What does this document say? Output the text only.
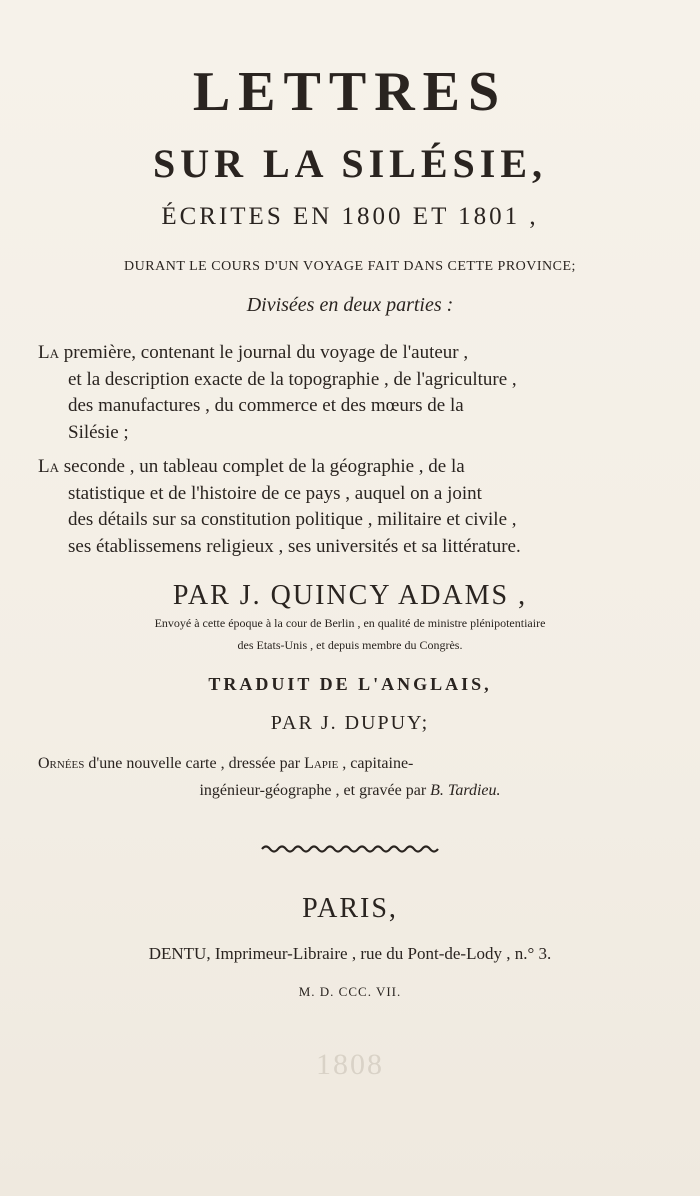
LETTRES
SUR LA SILÉSIE,
ÉCRITES EN 1800 ET 1801 ,
DURANT LE COURS D'UN VOYAGE FAIT DANS CETTE PROVINCE;
Divisées en deux parties :
La première, contenant le journal du voyage de l'auteur ,
et la description exacte de la topographie , de l'agriculture ,
des manufactures , du commerce et des mœurs de la
Silésie ;
La seconde , un tableau complet de la géographie , de la
statistique et de l'histoire de ce pays , auquel on a joint
des détails sur sa constitution politique , militaire et civile ,
ses établissemens religieux , ses universités et sa littérature.
PAR J. QUINCY ADAMS ,
Envoyé à cette époque à la cour de Berlin , en qualité de ministre plénipotentiaire
des Etats-Unis , et depuis membre du Congrès.
TRADUIT DE L'ANGLAIS,
PAR J. DUPUY;
Ornées d'une nouvelle carte , dressée par Lapie , capitaine-
ingénieur-géographe , et gravée par B. Tardieu.
PARIS,
DENTU, Imprimeur-Libraire , rue du Pont-de-Lody , n.° 3.
M. D. CCC. VII.
1808
